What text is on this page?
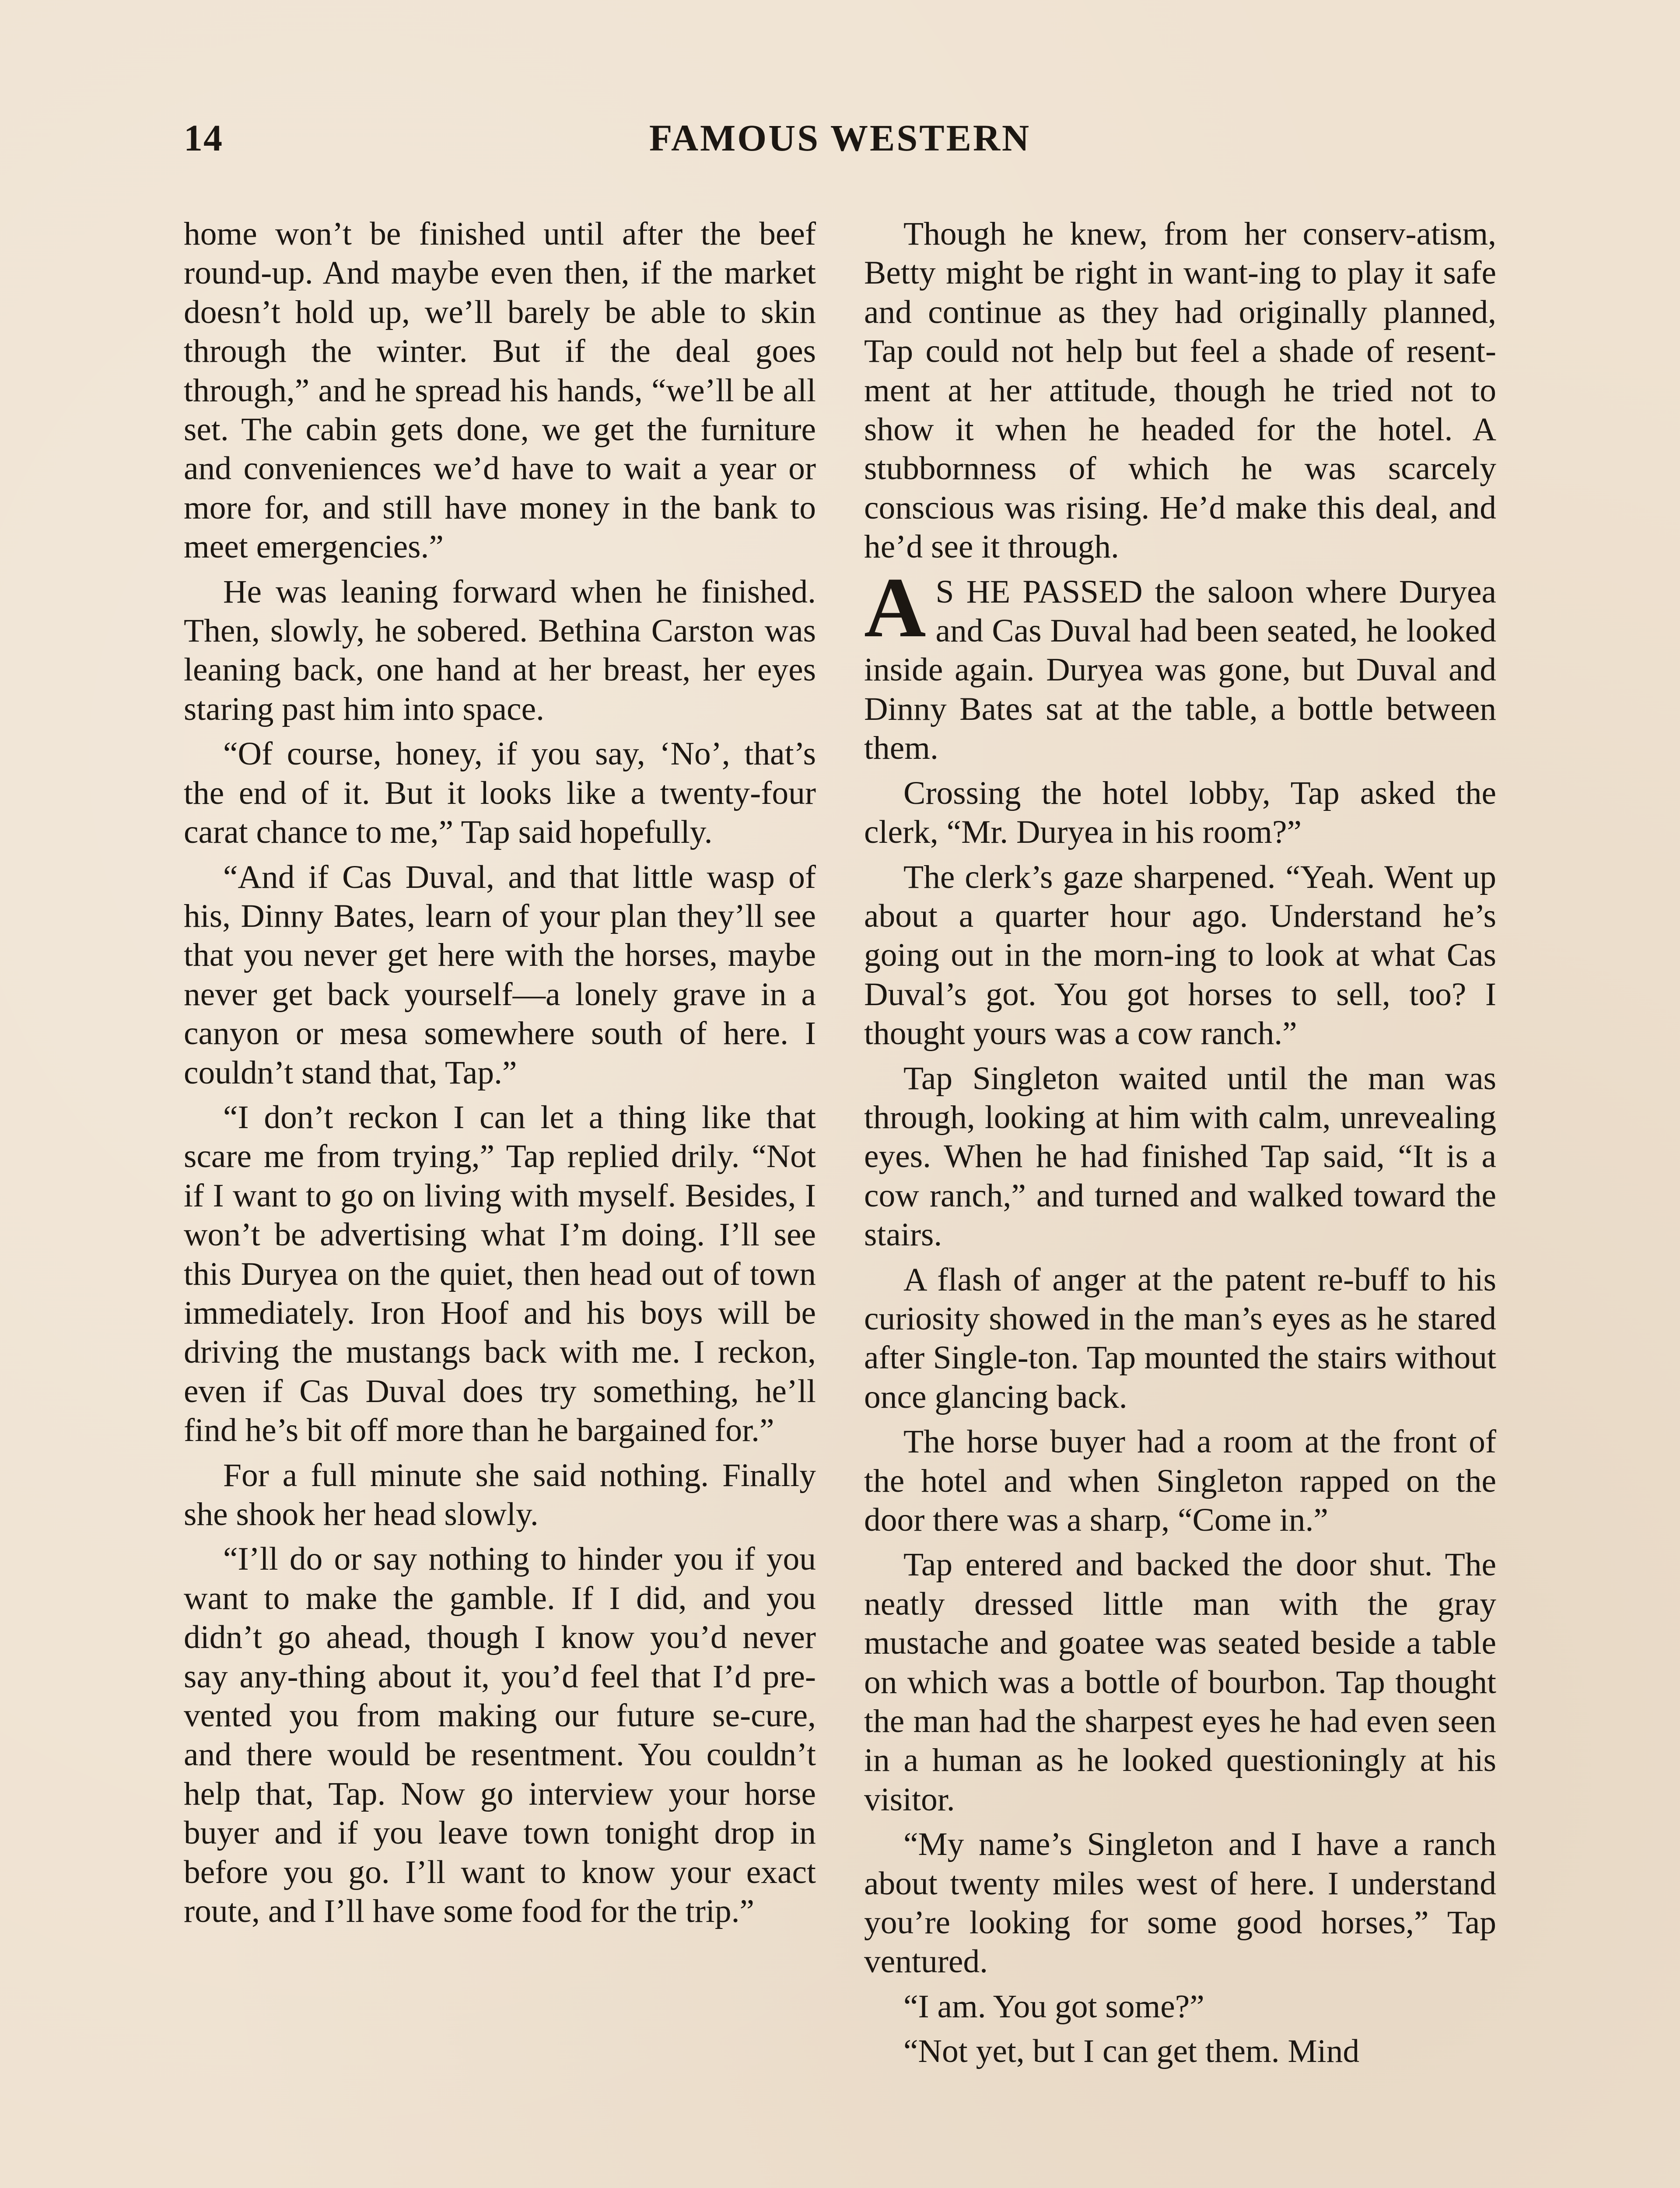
14	FAMOUS WESTERN

home won’t be finished until after the beef round-up. And maybe even then, if the market doesn’t hold up, we’ll barely be able to skin through the winter. But if the deal goes through,” and he spread his hands, “we’ll be all set. The cabin gets done, we get the furniture and conveniences we’d have to wait a year or more for, and still have money in the bank to meet emergencies.”

He was leaning forward when he finished. Then, slowly, he sobered. Bethina Carston was leaning back, one hand at her breast, her eyes staring past him into space.

“Of course, honey, if you say, ‘No’, that’s the end of it. But it looks like a twenty-four carat chance to me,” Tap said hopefully.

“And if Cas Duval, and that little wasp of his, Dinny Bates, learn of your plan they’ll see that you never get here with the horses, maybe never get back yourself—a lonely grave in a canyon or mesa somewhere south of here. I couldn’t stand that, Tap.”

“I don’t reckon I can let a thing like that scare me from trying,” Tap replied drily. “Not if I want to go on living with myself. Besides, I won’t be advertising what I’m doing. I’ll see this Duryea on the quiet, then head out of town immediately. Iron Hoof and his boys will be driving the mustangs back with me. I reckon, even if Cas Duval does try something, he’ll find he’s bit off more than he bargained for.”

For a full minute she said nothing. Finally she shook her head slowly.

“I’ll do or say nothing to hinder you if you want to make the gamble. If I did, and you didn’t go ahead, though I know you’d never say any-thing about it, you’d feel that I’d pre-vented you from making our future se-cure, and there would be resentment. You couldn’t help that, Tap. Now go interview your horse buyer and if you leave town tonight drop in before you go. I’ll want to know your exact route, and I’ll have some food for the trip.”

Though he knew, from her conserv-atism, Betty might be right in want-ing to play it safe and continue as they had originally planned, Tap could not help but feel a shade of resent-ment at her attitude, though he tried not to show it when he headed for the hotel. A stubbornness of which he was scarcely conscious was rising. He’d make this deal, and he’d see it through.

A S HE PASSED the saloon where Duryea and Cas Duval had been seated, he looked inside again. Duryea was gone, but Duval and Dinny Bates sat at the table, a bottle between them.

Crossing the hotel lobby, Tap asked the clerk, “Mr. Duryea in his room?”

The clerk’s gaze sharpened. “Yeah. Went up about a quarter hour ago. Understand he’s going out in the morn-ing to look at what Cas Duval’s got. You got horses to sell, too? I thought yours was a cow ranch.”

Tap Singleton waited until the man was through, looking at him with calm, unrevealing eyes. When he had finished Tap said, “It is a cow ranch,” and turned and walked toward the stairs.

A flash of anger at the patent re-buff to his curiosity showed in the man’s eyes as he stared after Single-ton. Tap mounted the stairs without once glancing back.

The horse buyer had a room at the front of the hotel and when Singleton rapped on the door there was a sharp, “Come in.”

Tap entered and backed the door shut. The neatly dressed little man with the gray mustache and goatee was seated beside a table on which was a bottle of bourbon. Tap thought the man had the sharpest eyes he had even seen in a human as he looked questioningly at his visitor.

“My name’s Singleton and I have a ranch about twenty miles west of here. I understand you’re looking for some good horses,” Tap ventured.

“I am. You got some?”

“Not yet, but I can get them. Mind
